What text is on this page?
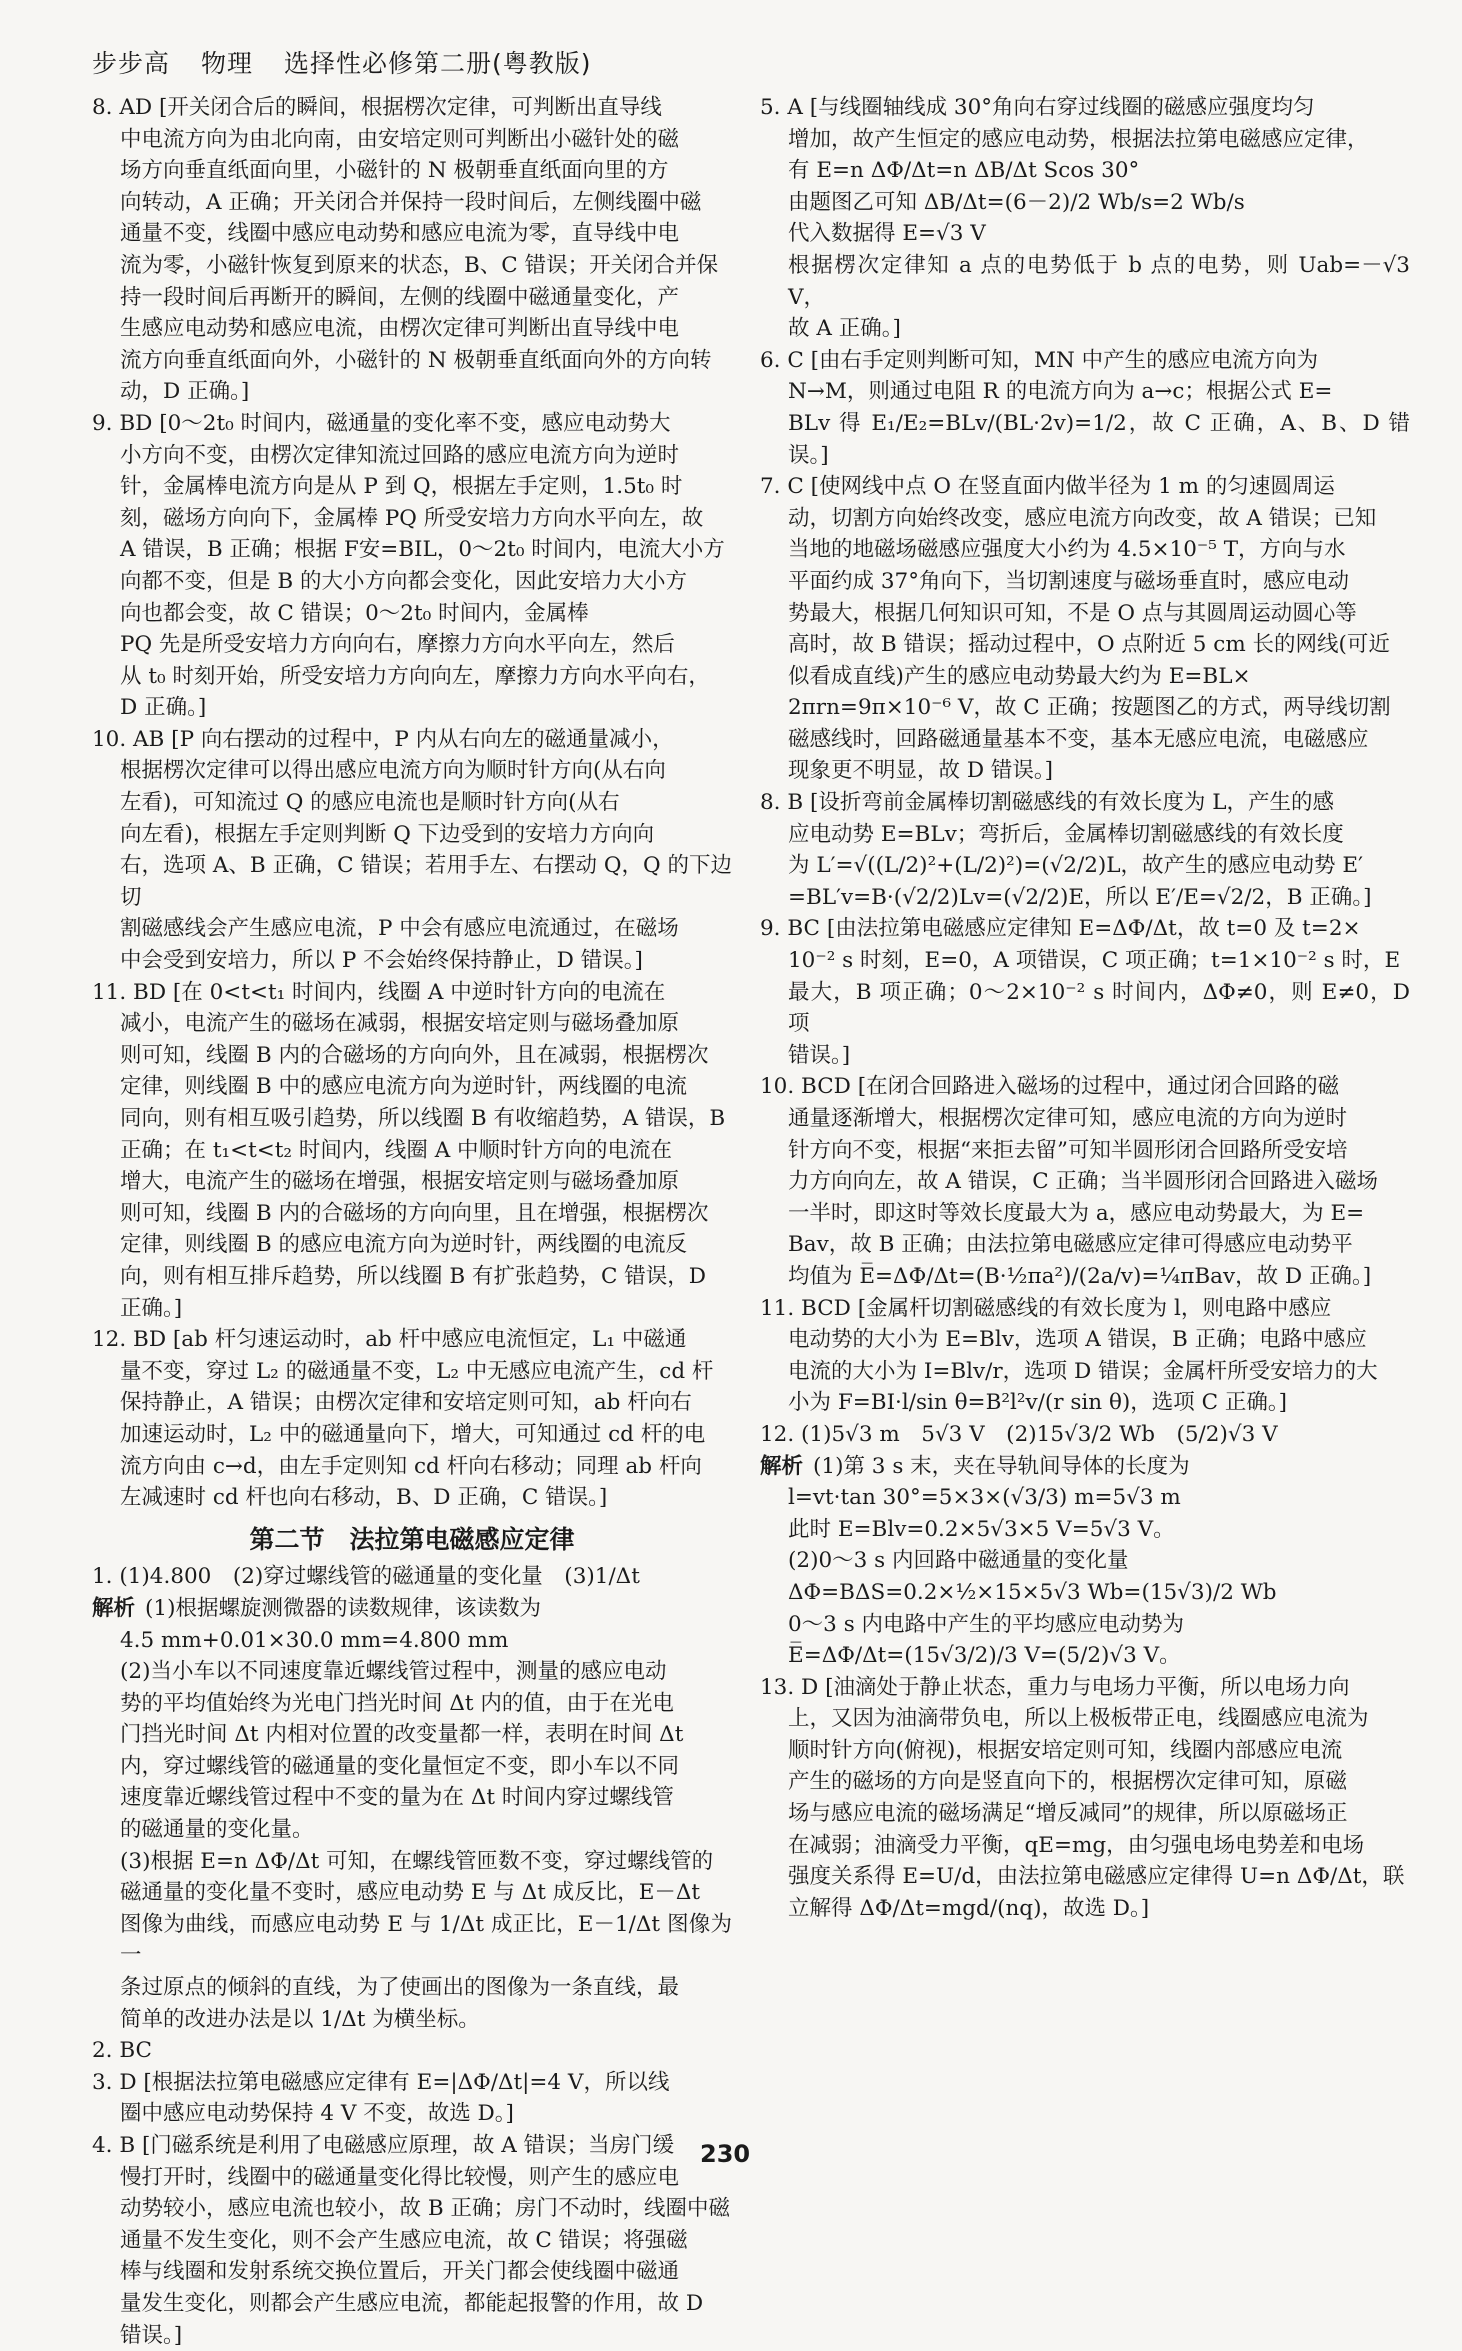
步步高 物理 选择性必修第二册(粤教版)
8. AD [开关闭合后的瞬间，根据楞次定律，可判断出直导线
中电流方向为由北向南，由安培定则可判断出小磁针处的磁
场方向垂直纸面向里，小磁针的 N 极朝垂直纸面向里的方
向转动，A 正确；开关闭合并保持一段时间后，左侧线圈中磁
通量不变，线圈中感应电动势和感应电流为零，直导线中电
流为零，小磁针恢复到原来的状态，B、C 错误；开关闭合并保
持一段时间后再断开的瞬间，左侧的线圈中磁通量变化，产
生感应电动势和感应电流，由楞次定律可判断出直导线中电
流方向垂直纸面向外，小磁针的 N 极朝垂直纸面向外的方向转
动，D 正确。]
9. BD [0～2t₀ 时间内，磁通量的变化率不变，感应电动势大
小方向不变，由楞次定律知流过回路的感应电流方向为逆时
针，金属棒电流方向是从 P 到 Q，根据左手定则，1.5t₀ 时
刻，磁场方向向下，金属棒 PQ 所受安培力方向水平向左，故
A 错误，B 正确；根据 F安=BIL，0～2t₀ 时间内，电流大小方
向都不变，但是 B 的大小方向都会变化，因此安培力大小方
向也都会变，故 C 错误；0～2t₀ 时间内，金属棒
PQ 先是所受安培力方向向右，摩擦力方向水平向左，然后
从 t₀ 时刻开始，所受安培力方向向左，摩擦力方向水平向右，
D 正确。]
10. AB [P 向右摆动的过程中，P 内从右向左的磁通量减小，
根据楞次定律可以得出感应电流方向为顺时针方向(从右向
左看)，可知流过 Q 的感应电流也是顺时针方向(从右
向左看)，根据左手定则判断 Q 下边受到的安培力方向向
右，选项 A、B 正确，C 错误；若用手左、右摆动 Q，Q 的下边切
割磁感线会产生感应电流，P 中会有感应电流通过，在磁场
中会受到安培力，所以 P 不会始终保持静止，D 错误。]
11. BD [在 0<t<t₁ 时间内，线圈 A 中逆时针方向的电流在
减小，电流产生的磁场在减弱，根据安培定则与磁场叠加原
则可知，线圈 B 内的合磁场的方向向外，且在减弱，根据楞次
定律，则线圈 B 中的感应电流方向为逆时针，两线圈的电流
同向，则有相互吸引趋势，所以线圈 B 有收缩趋势，A 错误，B
正确；在 t₁<t<t₂ 时间内，线圈 A 中顺时针方向的电流在
增大，电流产生的磁场在增强，根据安培定则与磁场叠加原
则可知，线圈 B 内的合磁场的方向向里，且在增强，根据楞次
定律，则线圈 B 的感应电流方向为逆时针，两线圈的电流反
向，则有相互排斥趋势，所以线圈 B 有扩张趋势，C 错误，D
正确。]
12. BD [ab 杆匀速运动时，ab 杆中感应电流恒定，L₁ 中磁通
量不变，穿过 L₂ 的磁通量不变，L₂ 中无感应电流产生，cd 杆
保持静止，A 错误；由楞次定律和安培定则可知，ab 杆向右
加速运动时，L₂ 中的磁通量向下，增大，可知通过 cd 杆的电
流方向由 c→d，由左手定则知 cd 杆向右移动；同理 ab 杆向
左减速时 cd 杆也向右移动，B、D 正确，C 错误。]
第二节　法拉第电磁感应定律
1. (1)4.800　(2)穿过螺线管的磁通量的变化量　(3)1/Δt
解析 (1)根据螺旋测微器的读数规律，该读数为
4.5 mm+0.01×30.0 mm=4.800 mm
(2)当小车以不同速度靠近螺线管过程中，测量的感应电动
势的平均值始终为光电门挡光时间 Δt 内的值，由于在光电
门挡光时间 Δt 内相对位置的改变量都一样，表明在时间 Δt
内，穿过螺线管的磁通量的变化量恒定不变，即小车以不同
速度靠近螺线管过程中不变的量为在 Δt 时间内穿过螺线管
的磁通量的变化量。
(3)根据 E=n ΔΦ/Δt 可知，在螺线管匝数不变，穿过螺线管的
磁通量的变化量不变时，感应电动势 E 与 Δt 成反比，E－Δt
图像为曲线，而感应电动势 E 与 1/Δt 成正比，E－1/Δt 图像为一
条过原点的倾斜的直线，为了使画出的图像为一条直线，最
简单的改进办法是以 1/Δt 为横坐标。
2. BC
3. D [根据法拉第电磁感应定律有 E=|ΔΦ/Δt|=4 V，所以线
圈中感应电动势保持 4 V 不变，故选 D。]
4. B [门磁系统是利用了电磁感应原理，故 A 错误；当房门缓
慢打开时，线圈中的磁通量变化得比较慢，则产生的感应电
动势较小，感应电流也较小，故 B 正确；房门不动时，线圈中磁
通量不发生变化，则不会产生感应电流，故 C 错误；将强磁
棒与线圈和发射系统交换位置后，开关门都会使线圈中磁通
量发生变化，则都会产生感应电流，都能起报警的作用，故 D
错误。]
5. A [与线圈轴线成 30°角向右穿过线圈的磁感应强度均匀
增加，故产生恒定的感应电动势，根据法拉第电磁感应定律，
有 E=n ΔΦ/Δt=n ΔB/Δt Scos 30°
由题图乙可知 ΔB/Δt=(6－2)/2 Wb/s=2 Wb/s
代入数据得 E=√3 V
根据楞次定律知 a 点的电势低于 b 点的电势，则 Uab=－√3 V，
故 A 正确。]
6. C [由右手定则判断可知，MN 中产生的感应电流方向为
N→M，则通过电阻 R 的电流方向为 a→c；根据公式 E=
BLv 得 E₁/E₂=BLv/(BL·2v)=1/2，故 C 正确，A、B、D 错误。]
7. C [使网线中点 O 在竖直面内做半径为 1 m 的匀速圆周运
动，切割方向始终改变，感应电流方向改变，故 A 错误；已知
当地的地磁场磁感应强度大小约为 4.5×10⁻⁵ T，方向与水
平面约成 37°角向下，当切割速度与磁场垂直时，感应电动
势最大，根据几何知识可知，不是 O 点与其圆周运动圆心等
高时，故 B 错误；摇动过程中，O 点附近 5 cm 长的网线(可近
似看成直线)产生的感应电动势最大约为 E=BL×
2πrn=9π×10⁻⁶ V，故 C 正确；按题图乙的方式，两导线切割
磁感线时，回路磁通量基本不变，基本无感应电流，电磁感应
现象更不明显，故 D 错误。]
8. B [设折弯前金属棒切割磁感线的有效长度为 L，产生的感
应电动势 E=BLv；弯折后，金属棒切割磁感线的有效长度
为 L′=√((L/2)²+(L/2)²)=(√2/2)L，故产生的感应电动势 E′
=BL′v=B·(√2/2)Lv=(√2/2)E，所以 E′/E=√2/2，B 正确。]
9. BC [由法拉第电磁感应定律知 E=ΔΦ/Δt，故 t=0 及 t=2×
10⁻² s 时刻，E=0，A 项错误，C 项正确；t=1×10⁻² s 时，E
最大，B 项正确；0～2×10⁻² s 时间内，ΔΦ≠0，则 E≠0，D 项
错误。]
10. BCD [在闭合回路进入磁场的过程中，通过闭合回路的磁
通量逐渐增大，根据楞次定律可知，感应电流的方向为逆时
针方向不变，根据“来拒去留”可知半圆形闭合回路所受安培
力方向向左，故 A 错误，C 正确；当半圆形闭合回路进入磁场
一半时，即这时等效长度最大为 a，感应电动势最大，为 E=
Bav，故 B 正确；由法拉第电磁感应定律可得感应电动势平
均值为 E̅=ΔΦ/Δt=(B·½πa²)/(2a/v)=¼πBav，故 D 正确。]
11. BCD [金属杆切割磁感线的有效长度为 l，则电路中感应
电动势的大小为 E=Blv，选项 A 错误，B 正确；电路中感应
电流的大小为 I=Blv/r，选项 D 错误；金属杆所受安培力的大
小为 F=BI·l/sin θ=B²l²v/(r sin θ)，选项 C 正确。]
12. (1)5√3 m　5√3 V　(2)15√3/2 Wb　(5/2)√3 V
解析 (1)第 3 s 末，夹在导轨间导体的长度为
l=vt·tan 30°=5×3×(√3/3) m=5√3 m
此时 E=Blv=0.2×5√3×5 V=5√3 V。
(2)0～3 s 内回路中磁通量的变化量
ΔΦ=BΔS=0.2×½×15×5√3 Wb=(15√3)/2 Wb
0～3 s 内电路中产生的平均感应电动势为
E̅=ΔΦ/Δt=(15√3/2)/3 V=(5/2)√3 V。
13. D [油滴处于静止状态，重力与电场力平衡，所以电场力向
上，又因为油滴带负电，所以上极板带正电，线圈感应电流为
顺时针方向(俯视)，根据安培定则可知，线圈内部感应电流
产生的磁场的方向是竖直向下的，根据楞次定律可知，原磁
场与感应电流的磁场满足“增反减同”的规律，所以原磁场正
在减弱；油滴受力平衡，qE=mg，由匀强电场电势差和电场
强度关系得 E=U/d，由法拉第电磁感应定律得 U=n ΔΦ/Δt，联
立解得 ΔΦ/Δt=mgd/(nq)，故选 D。]
230
